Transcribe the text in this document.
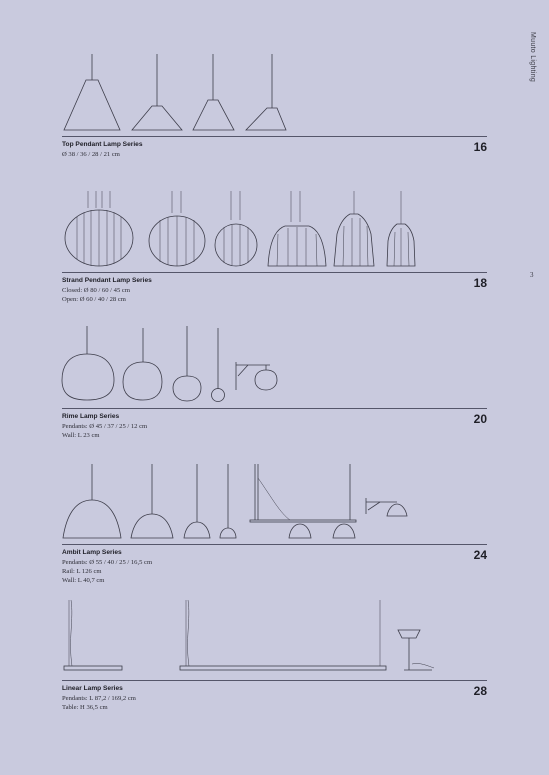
Muuto Lighting
3
Top Pendant Lamp Series
Ø 38 / 36 / 28 / 21 cm
16
Strand Pendant Lamp Series
Closed: Ø 80 / 60 / 45 cm
Open: Ø 60 / 40 / 28 cm
18
Rime Lamp Series
Pendants: Ø 45 / 37 / 25 / 12 cm
Wall: L 23 cm
20
Ambit Lamp Series
Pendants: Ø 55 / 40 / 25 / 16,5 cm
Rail: L 126 cm
Wall: L 40,7 cm
24
Linear Lamp Series
Pendants: L 87,2 / 169,2 cm
Table: H 36,5 cm
28
